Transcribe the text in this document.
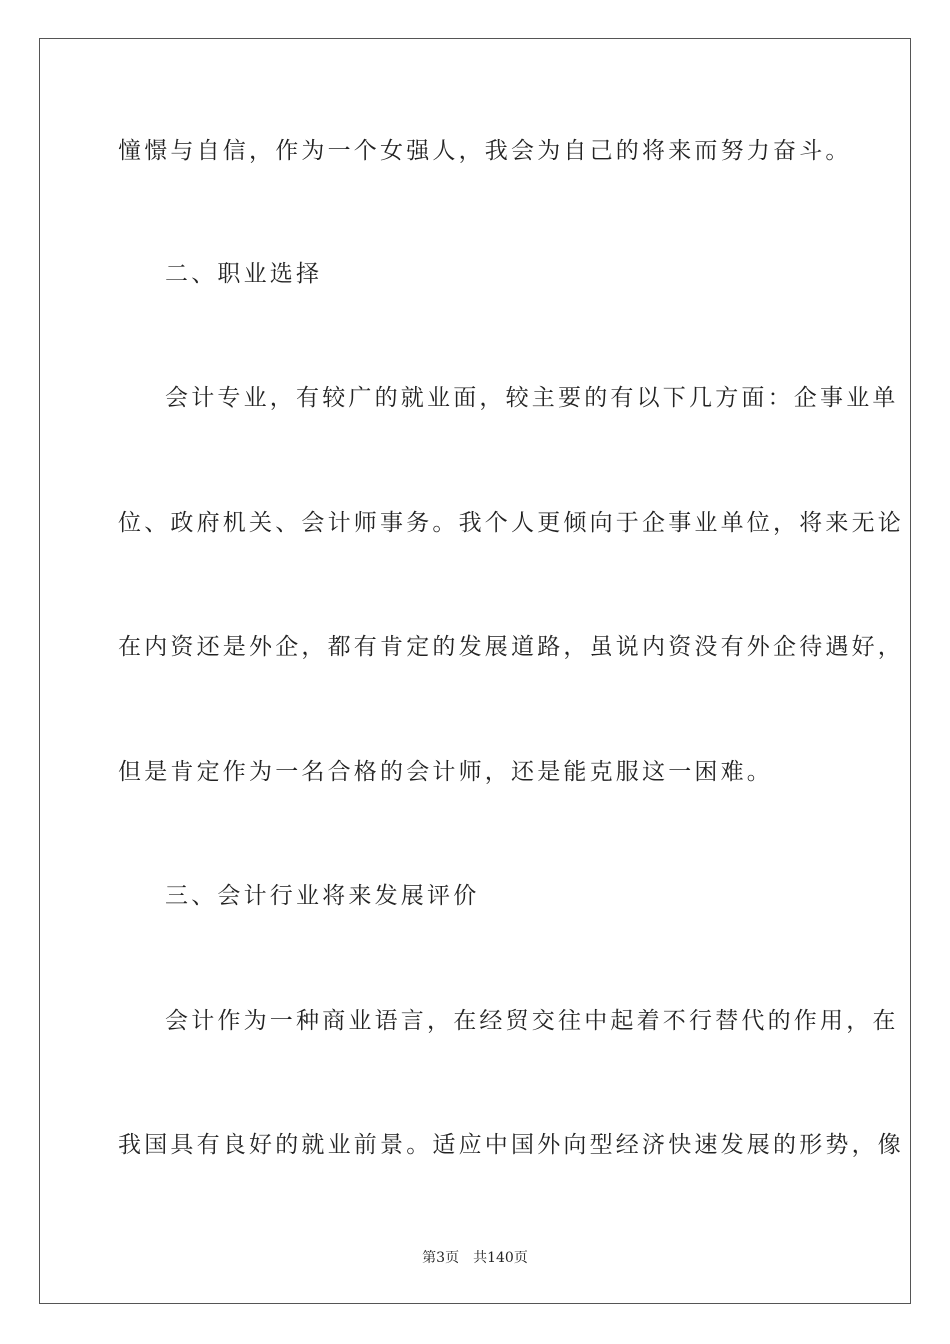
憧憬与自信，作为一个女强人，我会为自己的将来而努力奋斗。
二、职业选择
会计专业，有较广的就业面，较主要的有以下几方面：企事业单
位、政府机关、会计师事务。我个人更倾向于企事业单位，将来无论
在内资还是外企，都有肯定的发展道路，虽说内资没有外企待遇好，
但是肯定作为一名合格的会计师，还是能克服这一困难。
三、会计行业将来发展评价
会计作为一种商业语言，在经贸交往中起着不行替代的作用，在
我国具有良好的就业前景。适应中国外向型经济快速发展的形势，像
第3页 共140页
